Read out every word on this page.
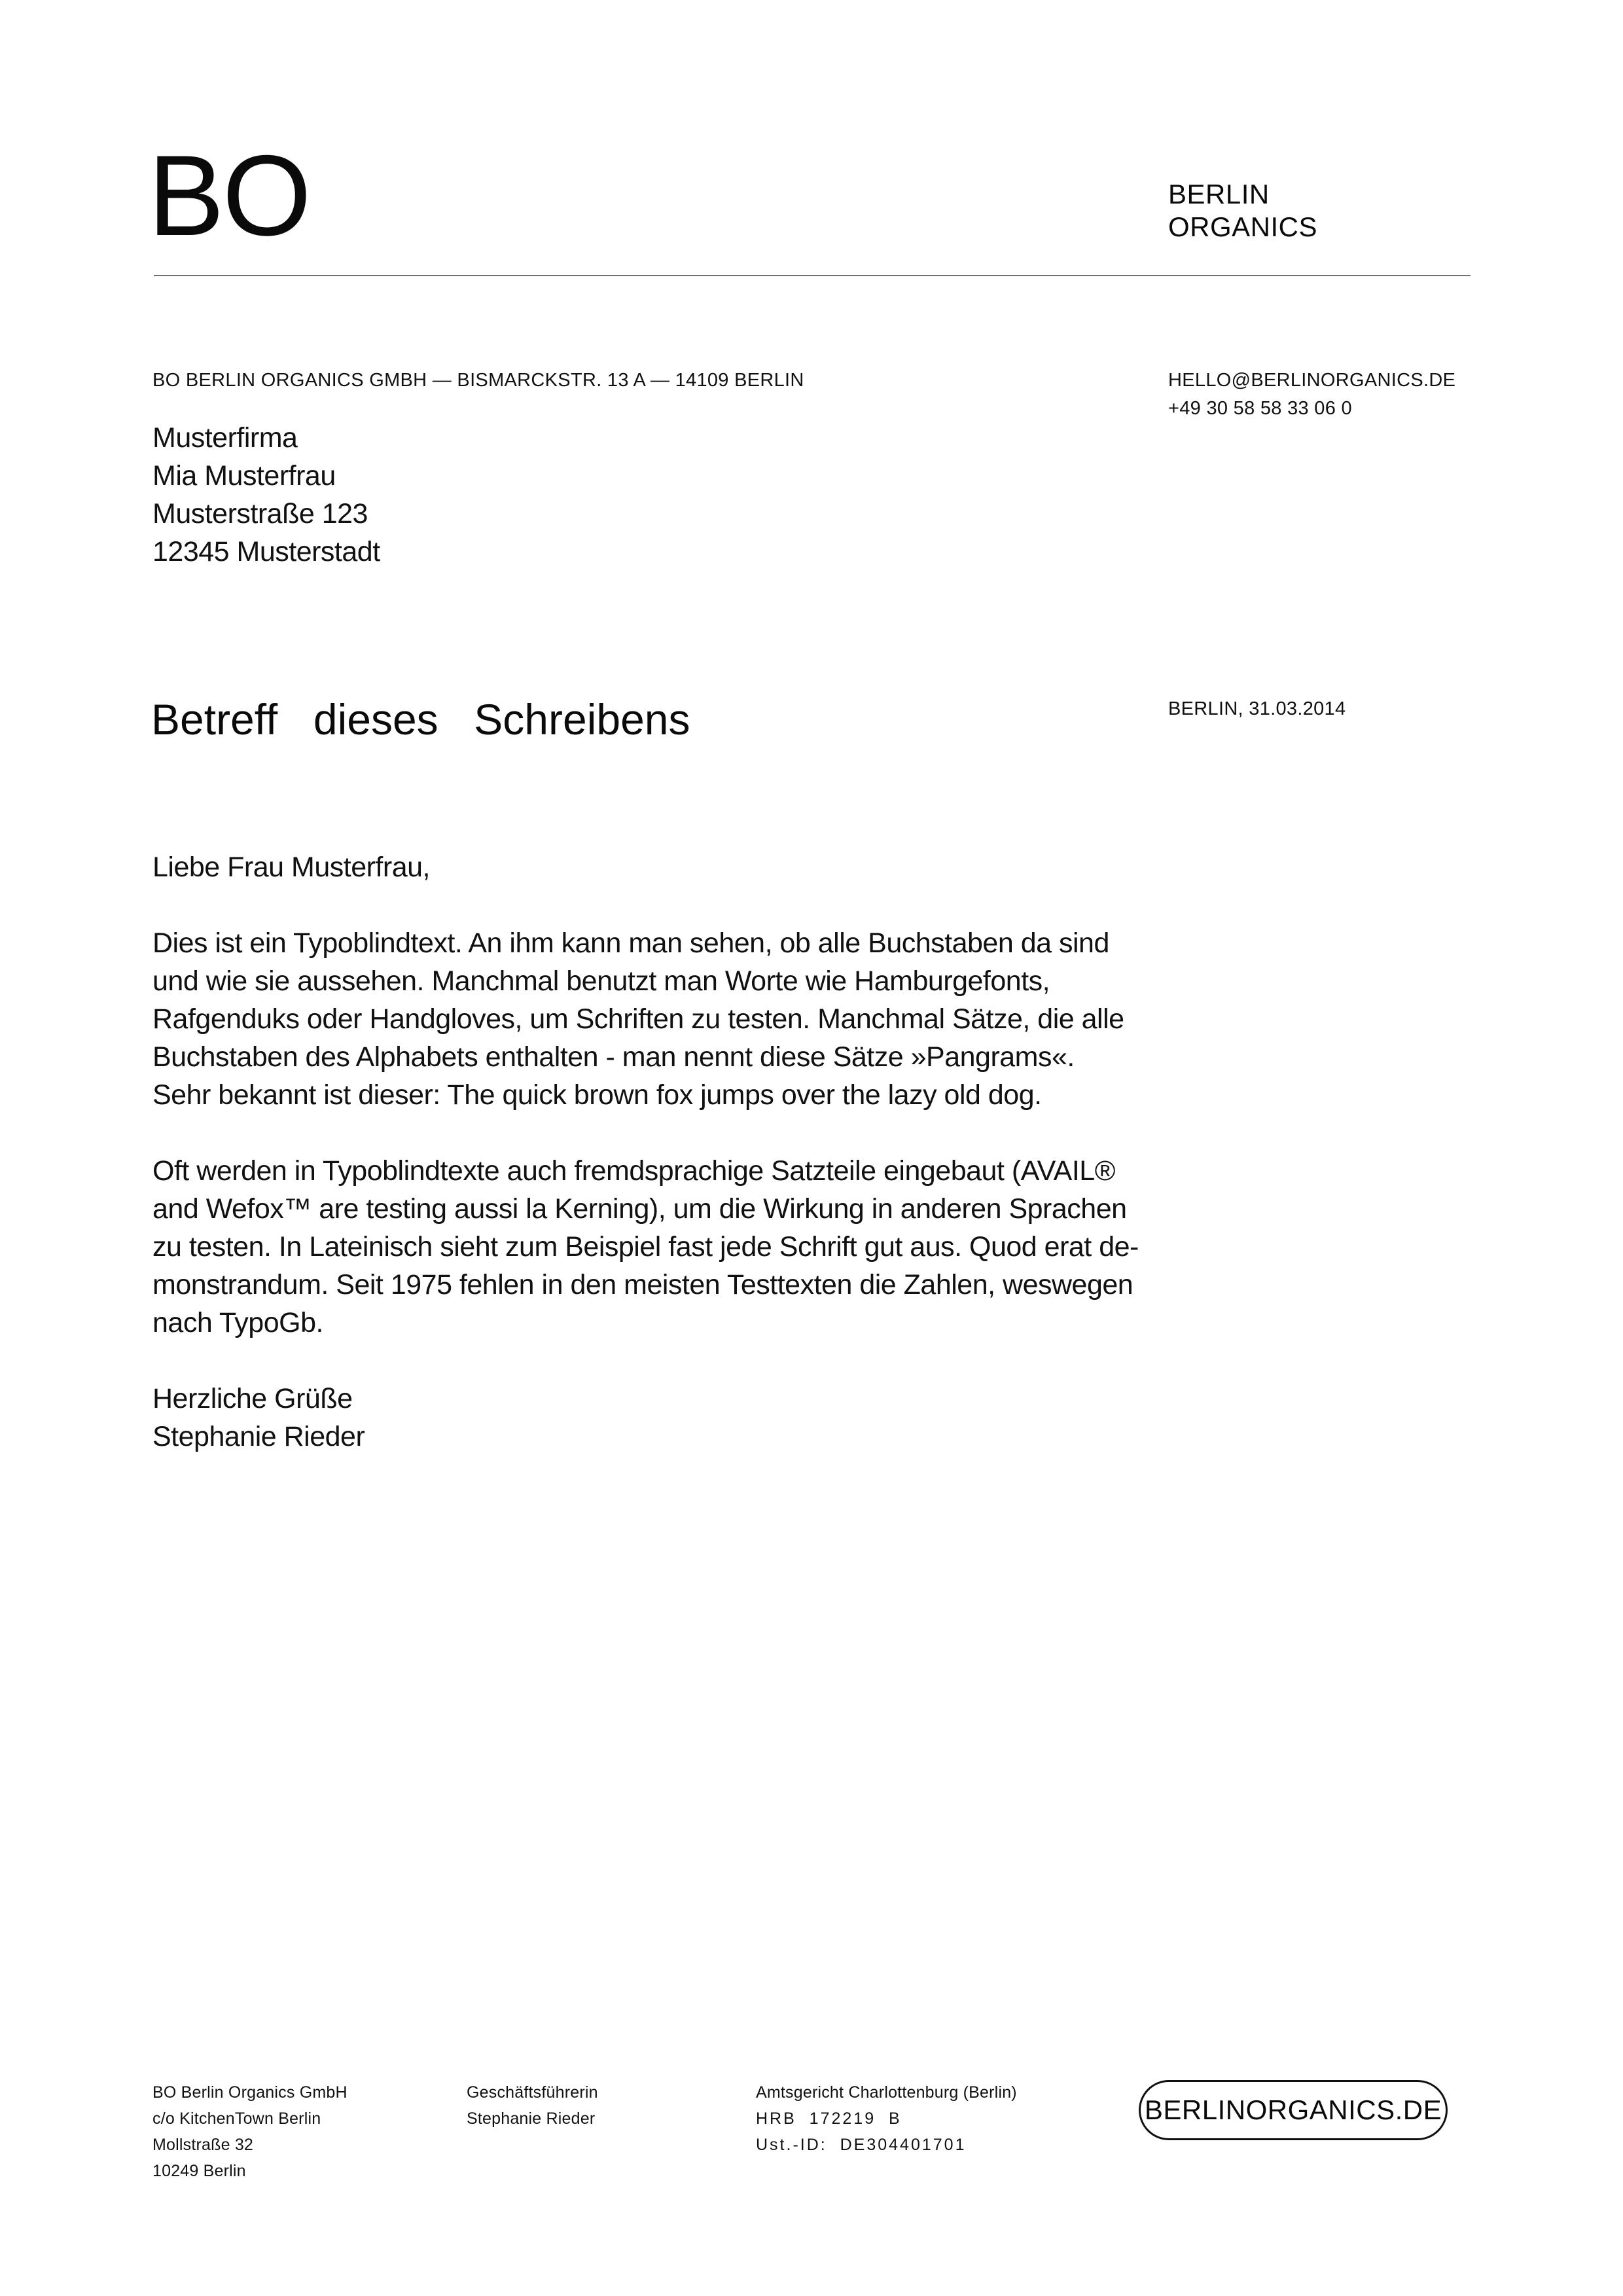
BO	BERLIN
ORGANICS
BO BERLIN ORGANICS GMBH — BISMARCKSTR. 13 A — 14109 BERLIN	HELLO@BERLINORGANICS.DE
+49 30 58 58 33 06 0
Musterfirma
Mia Musterfrau
Musterstraße 123
12345 Musterstadt
Betreff dieses Schreibens	BERLIN, 31.03.2014
Liebe Frau Musterfrau,
Dies ist ein Typoblindtext. An ihm kann man sehen, ob alle Buchstaben da sind
und wie sie aussehen. Manchmal benutzt man Worte wie Hamburgefonts,
Rafgenduks oder Handgloves, um Schriften zu testen. Manchmal Sätze, die alle
Buchstaben des Alphabets enthalten - man nennt diese Sätze »Pangrams«.
Sehr bekannt ist dieser: The quick brown fox jumps over the lazy old dog.
Oft werden in Typoblindtexte auch fremdsprachige Satzteile eingebaut (AVAIL®
and Wefox™ are testing aussi la Kerning), um die Wirkung in anderen Sprachen
zu testen. In Lateinisch sieht zum Beispiel fast jede Schrift gut aus. Quod erat de-
monstrandum. Seit 1975 fehlen in den meisten Testtexten die Zahlen, weswegen
nach TypoGb.
Herzliche Grüße
Stephanie Rieder
BO Berlin Organics GmbH
c/o KitchenTown Berlin
Mollstraße 32
10249 Berlin
Geschäftsführerin
Stephanie Rieder
Amtsgericht Charlottenburg (Berlin)
HRB  172219  B
Ust.-ID:  DE304401701
BERLINORGANICS.DE
